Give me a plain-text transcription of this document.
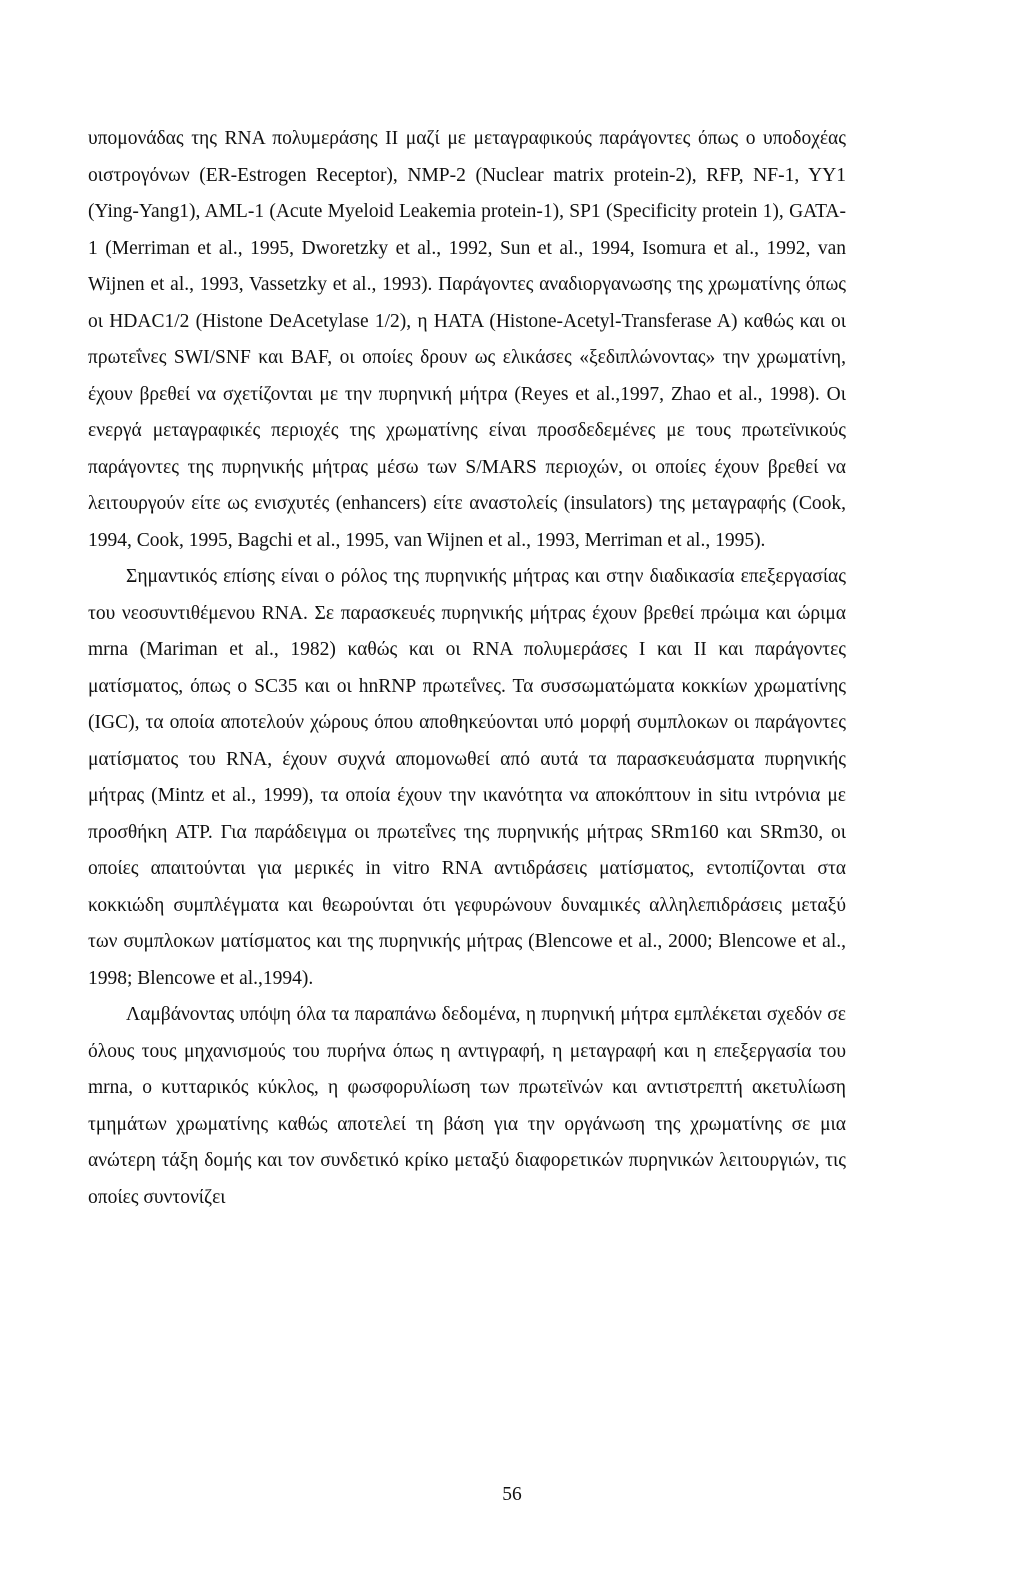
υπομονάδας της RNA πολυμεράσης II μαζί με μεταγραφικούς παράγοντες όπως ο υποδοχέας οιστρογόνων (ER-Estrogen Receptor), NMP-2 (Nuclear matrix protein-2), RFP, NF-1, YY1 (Ying-Yang1), AML-1 (Acute Myeloid Leakemia protein-1), SP1 (Specificity protein 1), GATA-1 (Merriman et al., 1995, Dworetzky et al., 1992, Sun et al., 1994, Isomura et al., 1992, van Wijnen et al., 1993, Vassetzky et al., 1993). Παράγοντες αναδιοργανωσης της χρωματίνης όπως οι HDAC1/2 (Histone DeAcetylase 1/2), η HATA (Histone-Acetyl-Transferase A) καθώς και οι πρωτεΐνες SWI/SNF και BAF, οι οποίες δρουν ως ελικάσες «ξεδιπλώνοντας» την χρωματίνη, έχουν βρεθεί να σχετίζονται με την πυρηνική μήτρα (Reyes et al.,1997, Zhao et al., 1998). Οι ενεργά μεταγραφικές περιοχές της χρωματίνης είναι προσδεδεμένες με τους πρωτεϊνικούς παράγοντες της πυρηνικής μήτρας μέσω των S/MARS περιοχών, οι οποίες έχουν βρεθεί να λειτουργούν είτε ως ενισχυτές (enhancers) είτε αναστολείς (insulators) της μεταγραφής (Cook, 1994, Cook, 1995, Bagchi et al., 1995, van Wijnen et al., 1993, Merriman et al., 1995).

Σημαντικός επίσης είναι ο ρόλος της πυρηνικής μήτρας και στην διαδικασία επεξεργασίας του νεοσυντιθέμενου RNA. Σε παρασκευές πυρηνικής μήτρας έχουν βρεθεί πρώιμα και ώριμα mrna (Mariman et al., 1982) καθώς και οι RNA πολυμεράσες I και II και παράγοντες ματίσματος, όπως ο SC35 και οι hnRNP πρωτεΐνες. Τα συσσωματώματα κοκκίων χρωματίνης (IGC), τα οποία αποτελούν χώρους όπου αποθηκεύονται υπό μορφή συμπλοκων οι παράγοντες ματίσματος του RNA, έχουν συχνά απομονωθεί από αυτά τα παρασκευάσματα πυρηνικής μήτρας (Mintz et al., 1999), τα οποία έχουν την ικανότητα να αποκόπτουν in situ ιντρόνια με προσθήκη ATP. Για παράδειγμα οι πρωτεΐνες της πυρηνικής μήτρας SRm160 και SRm30, οι οποίες απαιτούνται για μερικές in vitro RNA αντιδράσεις ματίσματος, εντοπίζονται στα κοκκιώδη συμπλέγματα και θεωρούνται ότι γεφυρώνουν δυναμικές αλληλεπιδράσεις μεταξύ των συμπλοκων ματίσματος και της πυρηνικής μήτρας (Blencowe et al., 2000; Blencowe et al., 1998; Blencowe et al.,1994).

Λαμβάνοντας υπόψη όλα τα παραπάνω δεδομένα, η πυρηνική μήτρα εμπλέκεται σχεδόν σε όλους τους μηχανισμούς του πυρήνα όπως η αντιγραφή, η μεταγραφή και η επεξεργασία του mrna, ο κυτταρικός κύκλος, η φωσφορυλίωση των πρωτεϊνών και αντιστρεπτή ακετυλίωση τμημάτων χρωματίνης καθώς αποτελεί τη βάση για την οργάνωση της χρωματίνης σε μια ανώτερη τάξη δομής και τον συνδετικό κρίκο μεταξύ διαφορετικών πυρηνικών λειτουργιών, τις οποίες συντονίζει

56
